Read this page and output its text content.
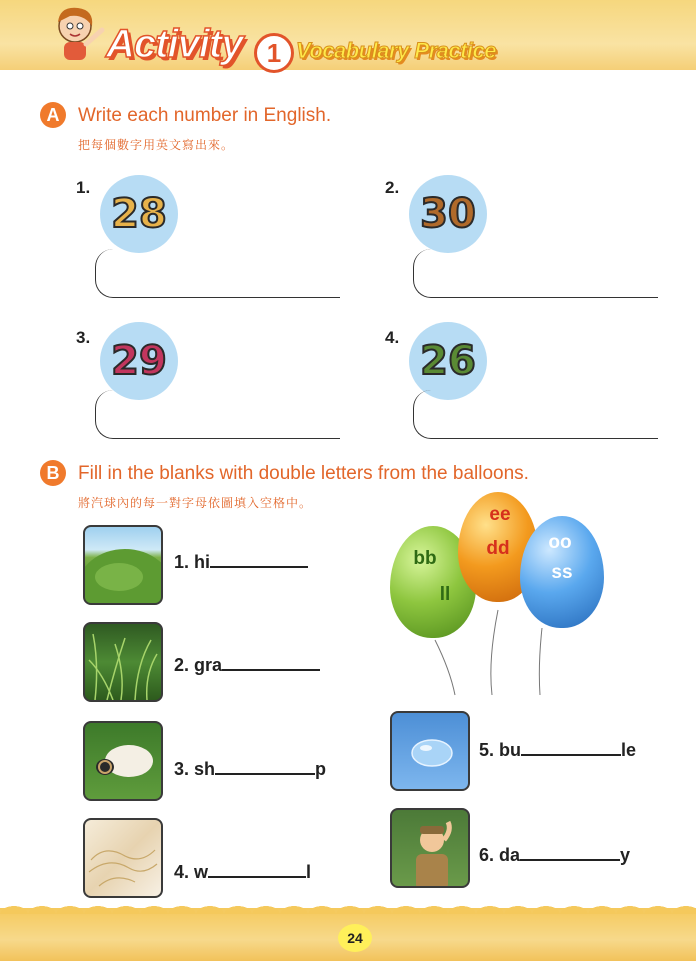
Activity 1 Vocabulary Practice
A Write each number in English.
把每個數字用英文寫出來。
1.
28
2.
30
3.
29
4.
26
B Fill in the blanks with double letters from the balloons.
將汽球內的每一對字母依圖填入空格中。
bb
ll
ee
dd	oo
ss
1. hi
2. gra
3. sh	p
4. w	l
5. bu	le
6. da	y
24
